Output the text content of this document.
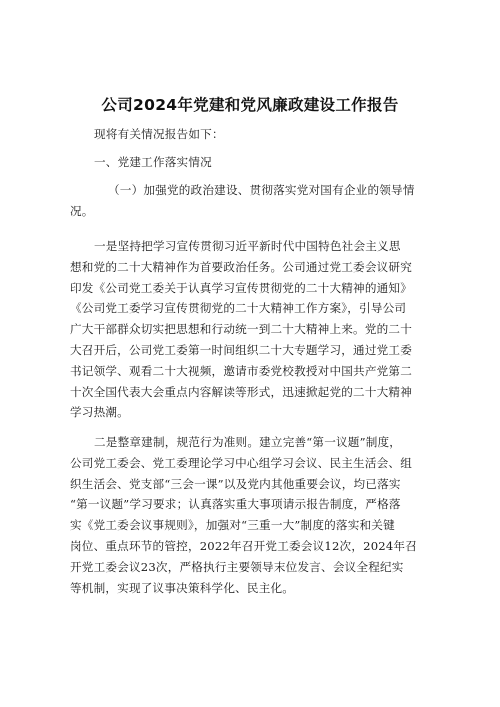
公司2024年党建和党风廉政建设工作报告
现将有关情况报告如下：
一、党建工作落实情况
（一）加强党的政治建设、贯彻落实党对国有企业的领导情
况。
一是坚持把学习宣传贯彻习近平新时代中国特色社会主义思
想和党的二十大精神作为首要政治任务。公司通过党工委会议研究
印发《公司党工委关于认真学习宣传贯彻党的二十大精神的通知》
《公司党工委学习宣传贯彻党的二十大精神工作方案》，引导公司
广大干部群众切实把思想和行动统一到二十大精神上来。党的二十
大召开后，公司党工委第一时间组织二十大专题学习，通过党工委
书记领学、观看二十大视频，邀请市委党校教授对中国共产党第二
十次全国代表大会重点内容解读等形式，迅速掀起党的二十大精神
学习热潮。
二是整章建制，规范行为准则。建立完善“第一议题”制度，
公司党工委会、党工委理论学习中心组学习会议、民主生活会、组
织生活会、党支部“三会一课”以及党内其他重要会议，均已落实
“第一议题”学习要求；认真落实重大事项请示报告制度，严格落
实《党工委会议事规则》，加强对“三重一大”制度的落实和关键
岗位、重点环节的管控，2022年召开党工委会议12次，2024年召
开党工委会议23次，严格执行主要领导末位发言、会议全程纪实
等机制，实现了议事决策科学化、民主化。
